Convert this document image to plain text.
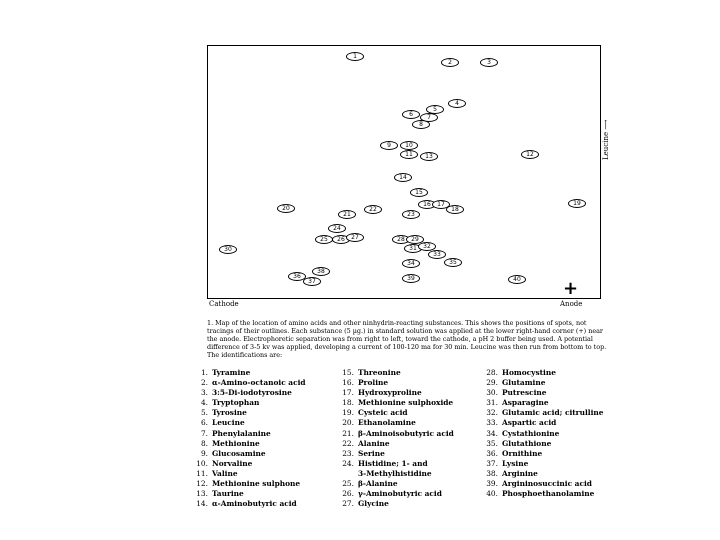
High Voltage EP:
1
2	3
4
5
6	7
8
9	10
11	12
13
14
15
16	17
18
19
20
21
22
23
24
25	26	27	28	29
30	31	32
33
34	35
36
37
38
39	40
Leucine ⟶
+
Cathode	Anode
1. Map of the location of amino acids and other ninhydrin-reacting substances. This shows the positions of spots, not tracings of their outlines. Each substance (5 µg.) in standard solution was applied at the lower right-hand corner (+) near the anode. Electrophoretic separation was from right to left, toward the cathode, a pH 2 buffer being used. A potential difference of 3-5 kv was applied, developing a current of 100-120 ma for 30 min. Leucine was then run from bottom to top. The identifications are:
1. Tyramine
2. α-Amino-octanoic acid
3. 3:5-Di-iodotyrosine
4. Tryptophan
5. Tyrosine
6. Leucine
7. Phenylalanine
8. Methionine
9. Glucosamine
10. Norvaline
11. Valine
12. Methionine sulphone
13. Taurine
14. α-Aminobutyric acid
15. Threonine
16. Proline
17. Hydroxyproline
18. Methionine sulphoxide
19. Cysteic acid
20. Ethanolamine
21. β-Aminoisobutyric acid
22. Alanine
23. Serine
24. Histidine; 1- and
3-Methylhistidine
25. β-Alanine
26. γ-Aminobutyric acid
27. Glycine
28. Homocystine
29. Glutamine
30. Putrescine
31. Asparagine
32. Glutamic acid; citrulline
33. Aspartic acid
34. Cystathionine
35. Glutathione
36. Ornithine
37. Lysine
38. Arginine
39. Argininosuccinic acid
40. Phosphoethanolamine
